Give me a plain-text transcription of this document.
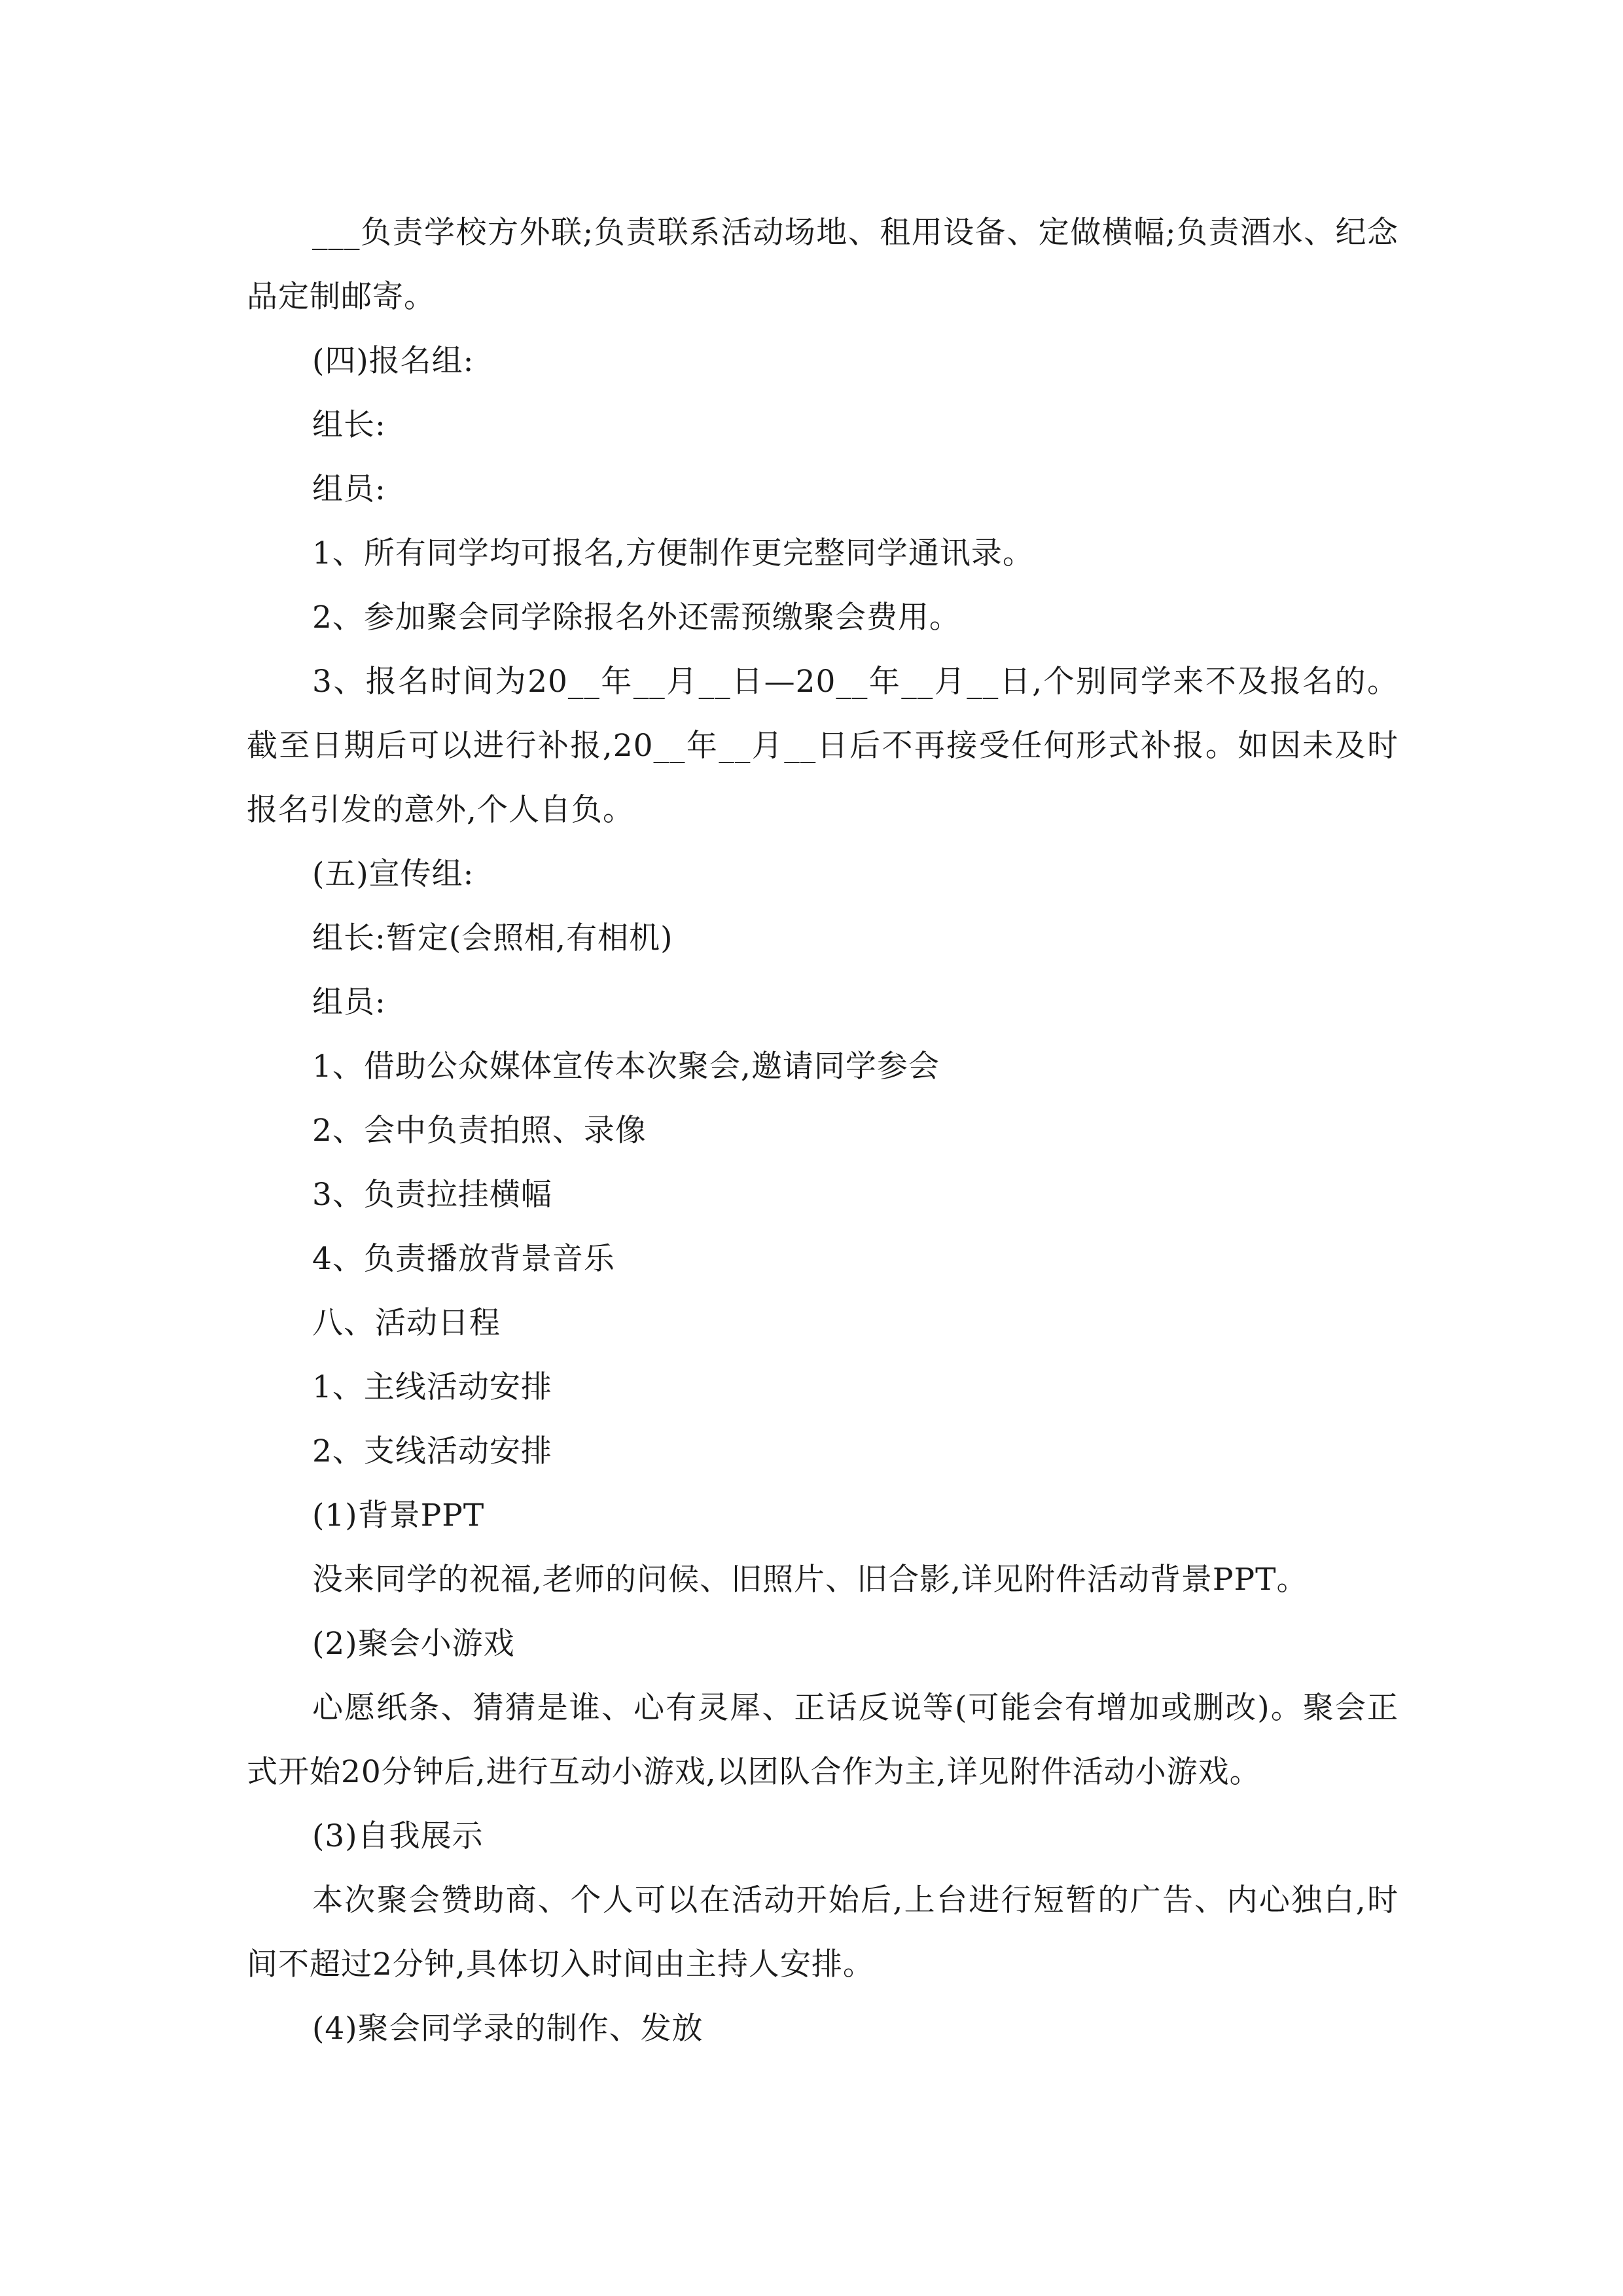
___负责学校方外联;负责联系活动场地、租用设备、定做横幅;负责酒水、纪念品定制邮寄。

(四)报名组:

组长:

组员:

1、所有同学均可报名,方便制作更完整同学通讯录。

2、参加聚会同学除报名外还需预缴聚会费用。

3、报名时间为20__年__月__日—20__年__月__日,个别同学来不及报名的。截至日期后可以进行补报,20__年__月__日后不再接受任何形式补报。如因未及时报名引发的意外,个人自负。

(五)宣传组:

组长:暂定(会照相,有相机)

组员:

1、借助公众媒体宣传本次聚会,邀请同学参会

2、会中负责拍照、录像

3、负责拉挂横幅

4、负责播放背景音乐

八、活动日程

1、主线活动安排

2、支线活动安排

(1)背景PPT

没来同学的祝福,老师的问候、旧照片、旧合影,详见附件活动背景PPT。

(2)聚会小游戏

心愿纸条、猜猜是谁、心有灵犀、正话反说等(可能会有增加或删改)。聚会正式开始20分钟后,进行互动小游戏,以团队合作为主,详见附件活动小游戏。

(3)自我展示

本次聚会赞助商、个人可以在活动开始后,上台进行短暂的广告、内心独白,时间不超过2分钟,具体切入时间由主持人安排。

(4)聚会同学录的制作、发放
